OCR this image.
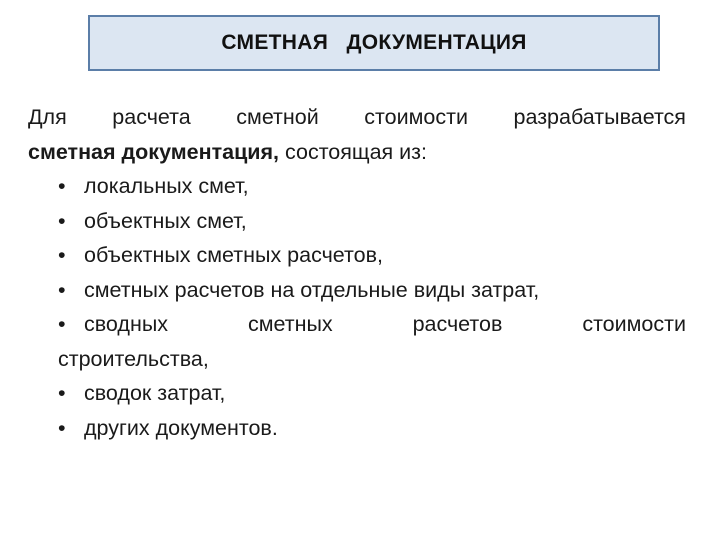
СМЕТНАЯ   ДОКУМЕНТАЦИЯ
Для расчета сметной стоимости разрабатывается
сметная документация, состоящая из:
• локальных смет,
• объектных смет,
• объектных сметных расчетов,
• сметных расчетов на отдельные виды затрат,
• сводных	сметных	расчетов	стоимости
строительства,
• сводок затрат,
• других документов.
